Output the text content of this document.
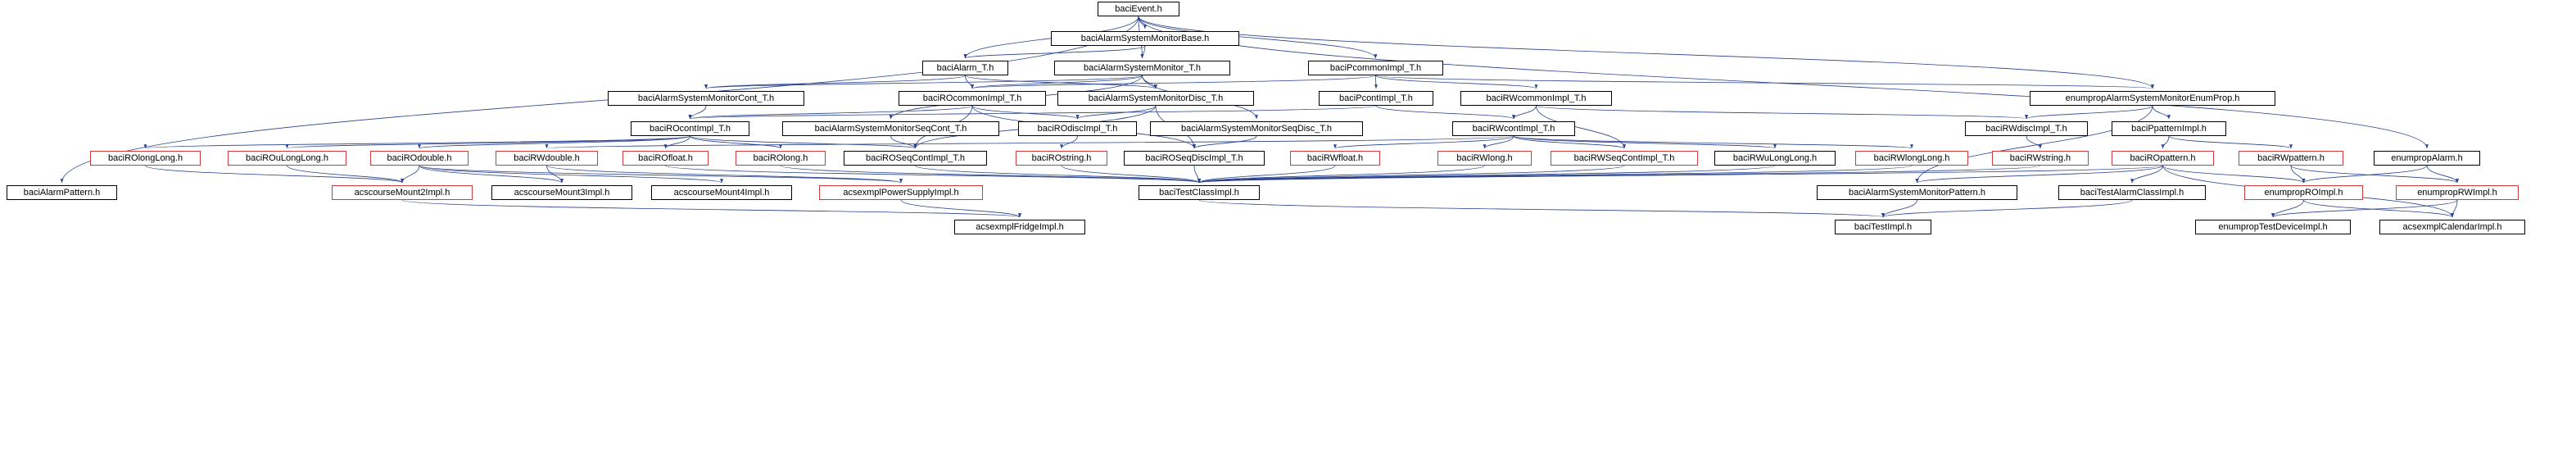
baciEvent.h
baciAlarmSystemMonitorBase.h
baciAlarm_T.h	baciAlarmSystemMonitor_T.h	baciPcommonImpl_T.h
baciAlarmSystemMonitorCont_T.h	baciROcommonImpl_T.h	baciAlarmSystemMonitorDisc_T.h	baciPcontImpl_T.h	baciRWcommonImpl_T.h	enumpropAlarmSystemMonitorEnumProp.h
baciROcontImpl_T.h	baciAlarmSystemMonitorSeqCont_T.h	baciROdiscImpl_T.h	baciAlarmSystemMonitorSeqDisc_T.h	baciRWcontImpl_T.h	baciRWdiscImpl_T.h	baciPpatternImpl.h
baciROlongLong.h	baciROuLongLong.h	baciROdouble.h	baciRWdouble.h	baciROfloat.h	baciROlong.h	baciROSeqContImpl_T.h	baciROstring.h	baciROSeqDiscImpl_T.h	baciRWfloat.h	baciRWlong.h	baciRWSeqContImpl_T.h	baciRWuLongLong.h	baciRWlongLong.h	baciRWstring.h	baciROpattern.h	baciRWpattern.h	enumpropAlarm.h
baciAlarmPattern.h	acscourseMount2Impl.h	acscourseMount3Impl.h	acscourseMount4Impl.h	acsexmplPowerSupplyImpl.h	baciTestClassImpl.h	baciAlarmSystemMonitorPattern.h	baciTestAlarmClassImpl.h	enumpropROImpl.h	enumpropRWImpl.h
acsexmplFridgeImpl.h	baciTestImpl.h	enumpropTestDeviceImpl.h	acsexmplCalendarImpl.h
